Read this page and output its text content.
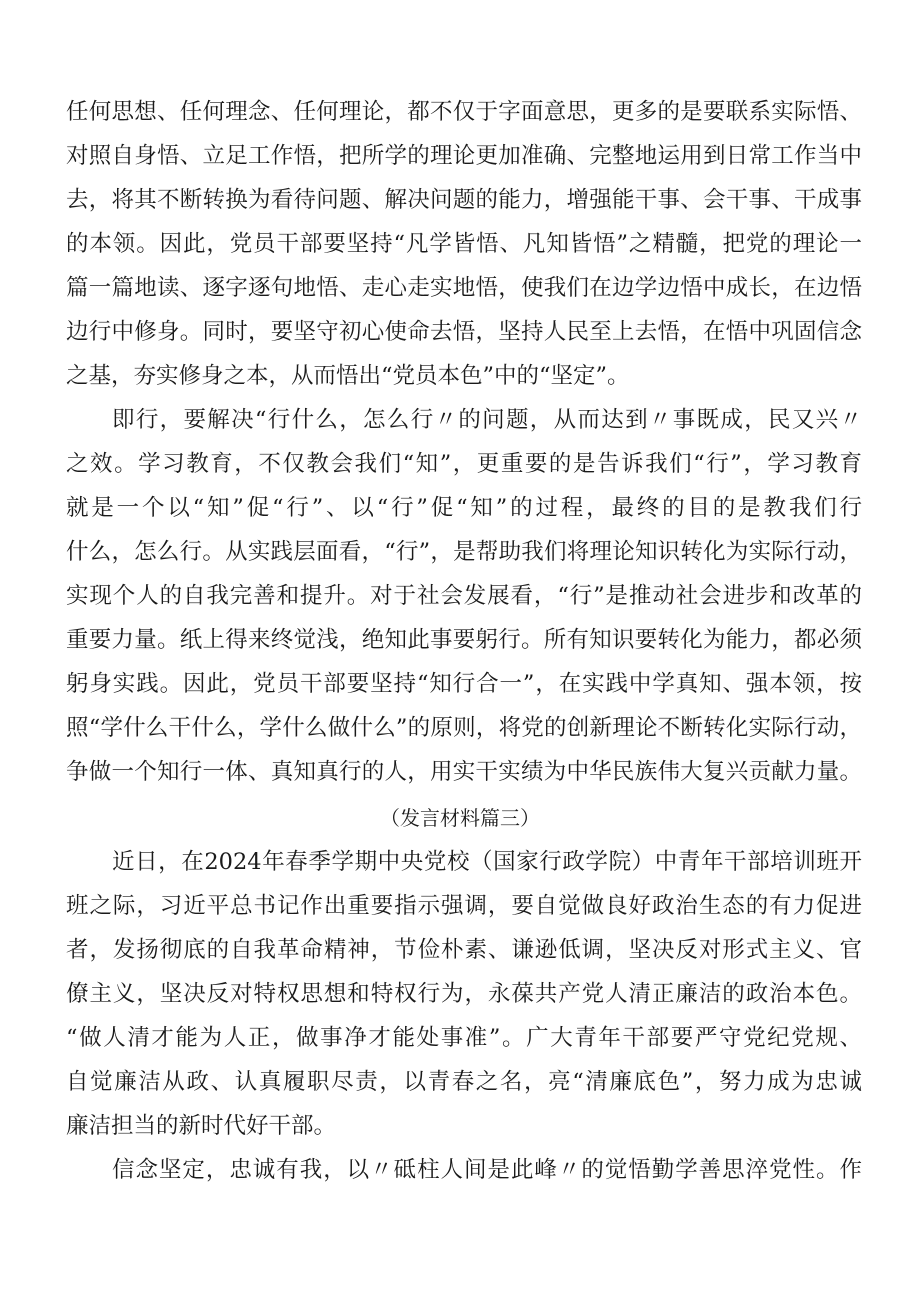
任何思想、任何理念、任何理论，都不仅于字面意思，更多的是要联系实际悟、
对照自身悟、立足工作悟，把所学的理论更加准确、完整地运用到日常工作当中
去，将其不断转换为看待问题、解决问题的能力，增强能干事、会干事、干成事
的本领。因此，党员干部要坚持“凡学皆悟、凡知皆悟”之精髓，把党的理论一
篇一篇地读、逐字逐句地悟、走心走实地悟，使我们在边学边悟中成长，在边悟
边行中修身。同时，要坚守初心使命去悟，坚持人民至上去悟，在悟中巩固信念
之基，夯实修身之本，从而悟出“党员本色”中的“坚定”。
即行，要解决“行什么，怎么行〃的问题，从而达到〃事既成，民又兴〃
之效。学习教育，不仅教会我们“知”，更重要的是告诉我们“行”，学习教育
就是一个以“知”促“行”、以“行”促“知”的过程，最终的目的是教我们行
什么，怎么行。从实践层面看，“行”，是帮助我们将理论知识转化为实际行动，
实现个人的自我完善和提升。对于社会发展看，“行”是推动社会进步和改革的
重要力量。纸上得来终觉浅，绝知此事要躬行。所有知识要转化为能力，都必须
躬身实践。因此，党员干部要坚持“知行合一”，在实践中学真知、强本领，按
照“学什么干什么，学什么做什么”的原则，将党的创新理论不断转化实际行动，
争做一个知行一体、真知真行的人，用实干实绩为中华民族伟大复兴贡献力量。
（发言材料篇三）
近日，在2024年春季学期中央党校（国家行政学院）中青年干部培训班开
班之际，习近平总书记作出重要指示强调，要自觉做良好政治生态的有力促进
者，发扬彻底的自我革命精神，节俭朴素、谦逊低调，坚决反对形式主义、官
僚主义，坚决反对特权思想和特权行为，永葆共产党人清正廉洁的政治本色。
“做人清才能为人正，做事净才能处事准”。广大青年干部要严守党纪党规、
自觉廉洁从政、认真履职尽责，以青春之名，亮“清廉底色”，努力成为忠诚
廉洁担当的新时代好干部。
信念坚定，忠诚有我，以〃砥柱人间是此峰〃的觉悟勤学善思淬党性。作
